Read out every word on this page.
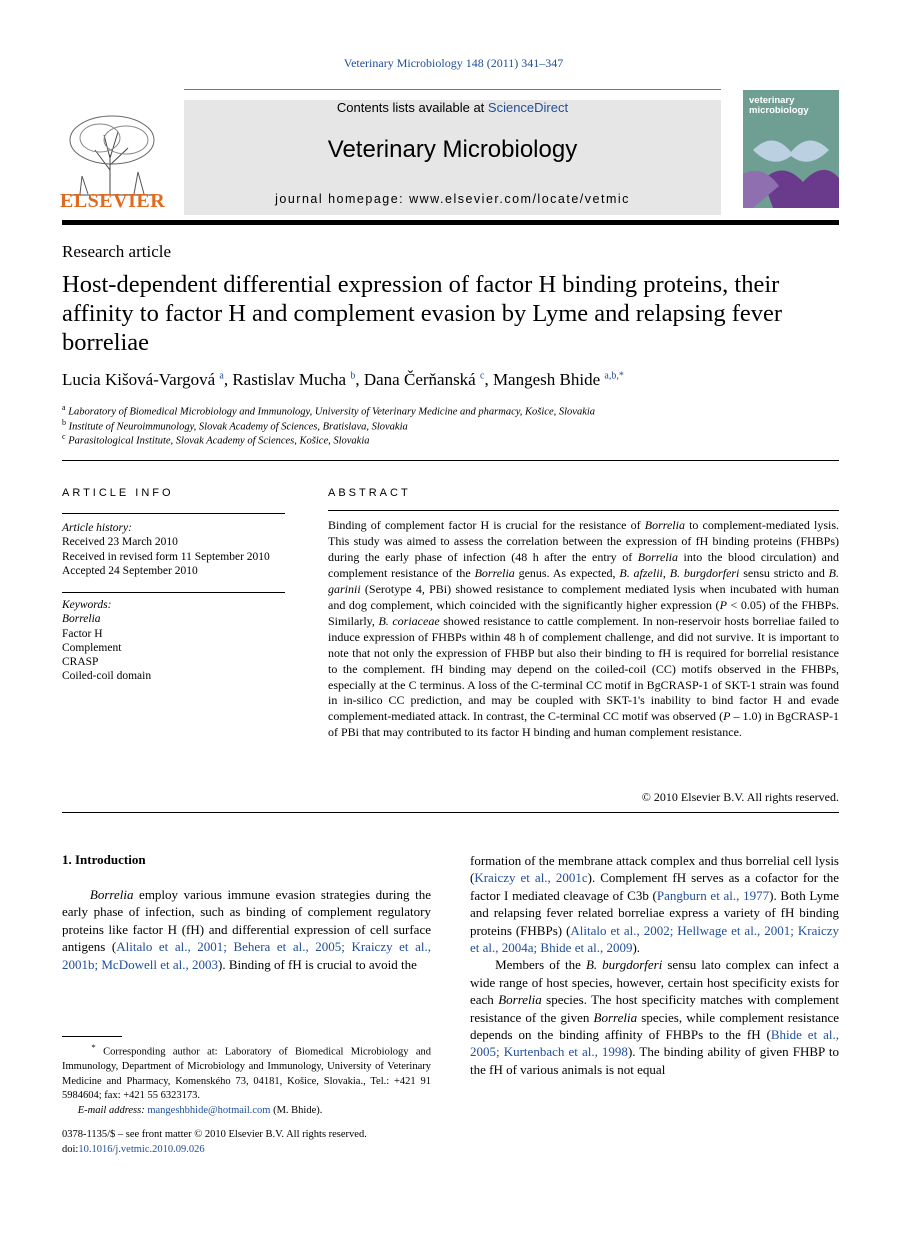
Veterinary Microbiology 148 (2011) 341–347
Contents lists available at ScienceDirect
Veterinary Microbiology
journal homepage: www.elsevier.com/locate/vetmic
ELSEVIER
veterinary microbiology
Research article
Host-dependent differential expression of factor H binding proteins, their affinity to factor H and complement evasion by Lyme and relapsing fever borreliae
Lucia Kišová-Vargová $^a$, Rastislav Mucha $^b$, Dana Čerňanská $^c$, Mangesh Bhide $^{a,b,*}$
$^a$ Laboratory of Biomedical Microbiology and Immunology, University of Veterinary Medicine and pharmacy, Košice, Slovakia
$^b$ Institute of Neuroimmunology, Slovak Academy of Sciences, Bratislava, Slovakia
$^c$ Parasitological Institute, Slovak Academy of Sciences, Košice, Slovakia
ARTICLE INFO
Article history:
Received 23 March 2010
Received in revised form 11 September 2010
Accepted 24 September 2010
Keywords:
Borrelia
Factor H
Complement
CRASP
Coiled-coil domain
ABSTRACT
Binding of complement factor H is crucial for the resistance of Borrelia to complement-mediated lysis. This study was aimed to assess the correlation between the expression of fH binding proteins (FHBPs) during the early phase of infection (48 h after the entry of Borrelia into the blood circulation) and complement resistance of the Borrelia genus. As expected, B. afzelii, B. burgdorferi sensu stricto and B. garinii (Serotype 4, PBi) showed resistance to complement mediated lysis when incubated with human and dog complement, which coincided with the significantly higher expression (P < 0.05) of the FHBPs. Similarly, B. coriaceae showed resistance to cattle complement. In non-reservoir hosts borreliae failed to induce expression of FHBPs within 48 h of complement challenge, and did not survive. It is important to note that not only the expression of FHBP but also their binding to fH is required for borrelial resistance to the complement. fH binding may depend on the coiled-coil (CC) motifs observed in the FHBPs, especially at the C terminus. A loss of the C-terminal CC motif in BgCRASP-1 of SKT-1 strain was found in in-silico CC prediction, and may be coupled with SKT-1's inability to bind factor H and evade complement-mediated attack. In contrast, the C-terminal CC motif was observed (P – 1.0) in BgCRASP-1 of PBi that may contributed to its factor H binding and human complement resistance.
© 2010 Elsevier B.V. All rights reserved.
1. Introduction
Borrelia employ various immune evasion strategies during the early phase of infection, such as binding of complement regulatory proteins like factor H (fH) and differential expression of cell surface antigens (Alitalo et al., 2001; Behera et al., 2005; Kraiczy et al., 2001b; McDowell et al., 2003). Binding of fH is crucial to avoid the
formation of the membrane attack complex and thus borrelial cell lysis (Kraiczy et al., 2001c). Complement fH serves as a cofactor for the factor I mediated cleavage of C3b (Pangburn et al., 1977). Both Lyme and relapsing fever related borreliae express a variety of fH binding proteins (FHBPs) (Alitalo et al., 2002; Hellwage et al., 2001; Kraiczy et al., 2004a; Bhide et al., 2009).
Members of the B. burgdorferi sensu lato complex can infect a wide range of host species, however, certain host specificity exists for each Borrelia species. The host specificity matches with complement resistance of the given Borrelia species, while complement resistance depends on the binding affinity of FHBPs to the fH (Bhide et al., 2005; Kurtenbach et al., 1998). The binding ability of given FHBP to the fH of various animals is not equal
* Corresponding author at: Laboratory of Biomedical Microbiology and Immunology, Department of Microbiology and Immunology, University of Veterinary Medicine and Pharmacy, Komenského 73, 04181, Košice, Slovakia., Tel.: +421 91 5984604; fax: +421 55 6323173.
E-mail address: mangeshbhide@hotmail.com (M. Bhide).
0378-1135/$ – see front matter © 2010 Elsevier B.V. All rights reserved.
doi:10.1016/j.vetmic.2010.09.026
